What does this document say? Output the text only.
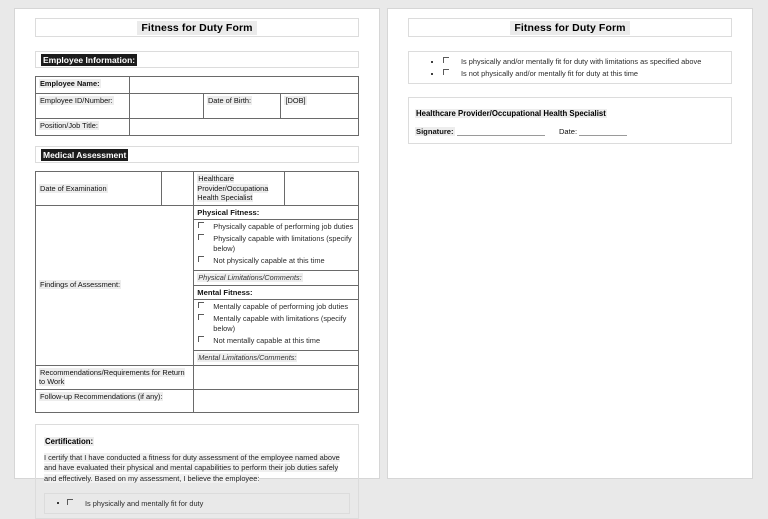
Fitness for Duty Form
Employee Information:
Employee Name:			
Employee ID/Number:		Date of Birth:	[DOB]
Position/Job Title:			
Medical Assessment
Date of Examination		Healthcare Provider/Occupationa Health Specialist	

Findings of Assessment:

Physical Fitness:
Physically capable of performing job duties
Physically capable with limitations (specify below)
Not physically capable at this time
Physical Limitations/Comments:
Mental Fitness:
Mentally capable of performing job duties
Mentally capable with limitations (specify below)
Not mentally capable at this time
Mental Limitations/Comments:

Recommendations/Requirements for Return to Work			

Follow-up Recommendations (if any):			

Certification:
I certify that I have conducted a fitness for duty assessment of the employee named above and have evaluated their physical and mental capabilities to perform their job duties safely and effectively. Based on my assessment, I believe the employee:
Is physically and mentally fit for duty
Fitness for Duty Form
Is physically and/or mentally fit for duty with limitations as specified above
Is not physically and/or mentally fit for duty at this time
Healthcare Provider/Occupational Health Specialist
Signature:	Date:
